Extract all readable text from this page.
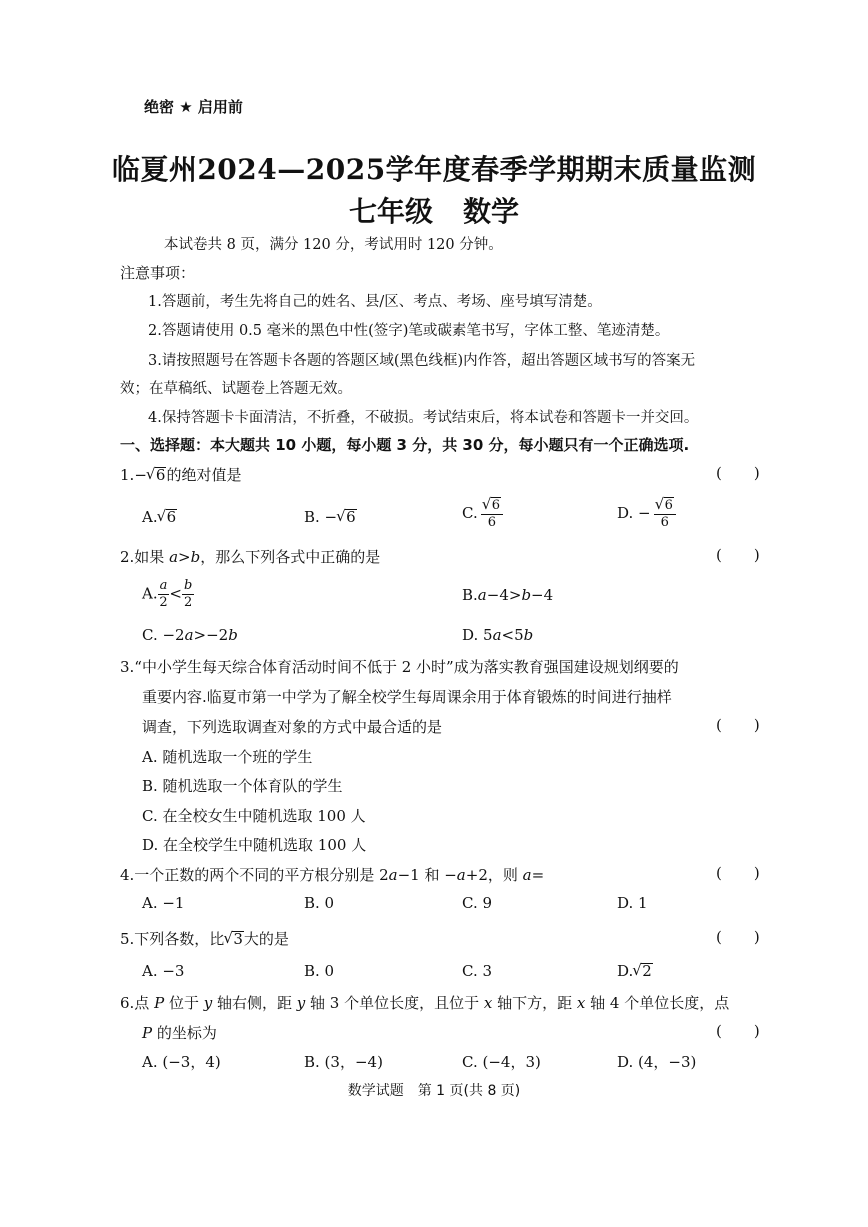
绝密 ★ 启用前
临夏州2024—2025学年度春季学期期末质量监测
七年级 数学
本试卷共 8 页，满分 120 分，考试用时 120 分钟。
注意事项：
1.答题前，考生先将自己的姓名、县/区、考点、考场、座号填写清楚。
2.答题请使用 0.5 毫米的黑色中性(签字)笔或碳素笔书写，字体工整、笔迹清楚。
3.请按照题号在答题卡各题的答题区域(黑色线框)内作答，超出答题区域书写的答案无
效；在草稿纸、试题卷上答题无效。
4.保持答题卡卡面清洁，不折叠，不破损。考试结束后，将本试卷和答题卡一并交回。
一、选择题：本大题共 10 小题，每小题 3 分，共 30 分，每小题只有一个正确选项.
1.− √ 6的绝对值是
( )
A. √ 6	B. − √ 6	C. √ $\frac{6}{6}$	D. − √ $\frac{6}{6}$
2.如果 a>b，那么下列各式中正确的是
( )
A. $\frac{a}{2} < \frac{b}{2}$	B.a−4>b−4
C. −2a>−2b	D. 5a<5b
3.“中小学生每天综合体育活动时间不低于 2 小时”成为落实教育强国建设规划纲要的
重要内容.临夏市第一中学为了解全校学生每周课余用于体育锻炼的时间进行抽样
调查，下列选取调查对象的方式中最合适的是
( )
A. 随机选取一个班的学生
B. 随机选取一个体育队的学生
C. 在全校女生中随机选取 100 人
D. 在全校学生中随机选取 100 人
4.一个正数的两个不同的平方根分别是 2a−1 和 −a+2，则 a=
( )
A. −1	B. 0	C. 9	D. 1
5.下列各数，比 √ 3大的是
( )
A. −3	B. 0	C. 3	D. √ 2
6.点 P 位于 y 轴右侧，距 y 轴 3 个单位长度，且位于 x 轴下方，距 x 轴 4 个单位长度，点
P 的坐标为
( )
A. (−3，4)	B. (3，−4)	C. (−4，3)	D. (4，−3)
数学试题　第 1 页(共 8 页)
